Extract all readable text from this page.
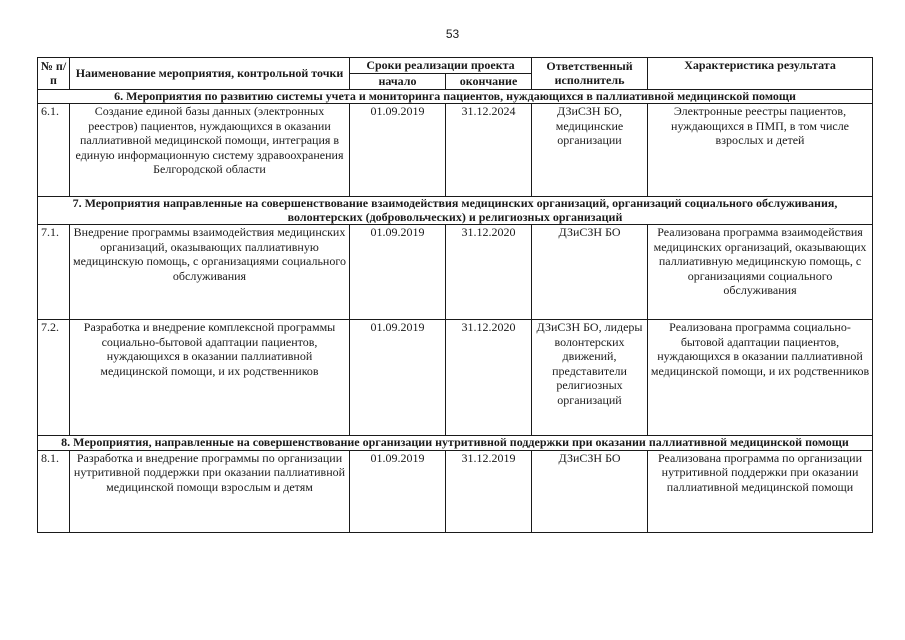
53
№ п/п	Наименование мероприятия, контрольной точки	Сроки реализации проекта		Ответственный исполнитель	Характеристика результата
		начало	окончание		
6. Мероприятия по развитию системы учета и мониторинга пациентов, нуждающихся в паллиативной медицинской помощи					
6.1.	Создание единой базы данных (электронных реестров) пациентов, нуждающихся в оказании паллиативной медицинской помощи, интеграция в единую информационную систему здравоохранения Белгородской области	01.09.2019	31.12.2024	ДЗиСЗН БО, медицинские организации	Электронные реестры пациентов, нуждающихся в ПМП, в том числе взрослых и детей
7. Мероприятия направленные на совершенствование взаимодействия медицинских организаций, организаций социального обслуживания, волонтерских (добровольческих) и религиозных организаций					
7.1.	Внедрение программы взаимодействия медицинских организаций, оказывающих паллиативную медицинскую помощь, с организациями социального обслуживания	01.09.2019	31.12.2020	ДЗиСЗН БО	Реализована программа взаимодействия медицинских организаций, оказывающих паллиативную медицинскую помощь, с организациями социального обслуживания
7.2.	Разработка и внедрение комплексной программы социально-бытовой адаптации пациентов, нуждающихся в оказании паллиативной медицинской помощи, и их родственников	01.09.2019	31.12.2020	ДЗиСЗН БО, лидеры волонтерских движений, представители религиозных организаций	Реализована программа социально-бытовой адаптации пациентов, нуждающихся в оказании паллиативной медицинской помощи, и их родственников
8. Мероприятия, направленные на совершенствование организации нутритивной поддержки при оказании паллиативной медицинской помощи					
8.1.	Разработка и внедрение программы по организации нутритивной поддержки при оказании паллиативной медицинской помощи взрослым и детям	01.09.2019	31.12.2019	ДЗиСЗН БО	Реализована программа по организации нутритивной поддержки при оказании паллиативной медицинской помощи
